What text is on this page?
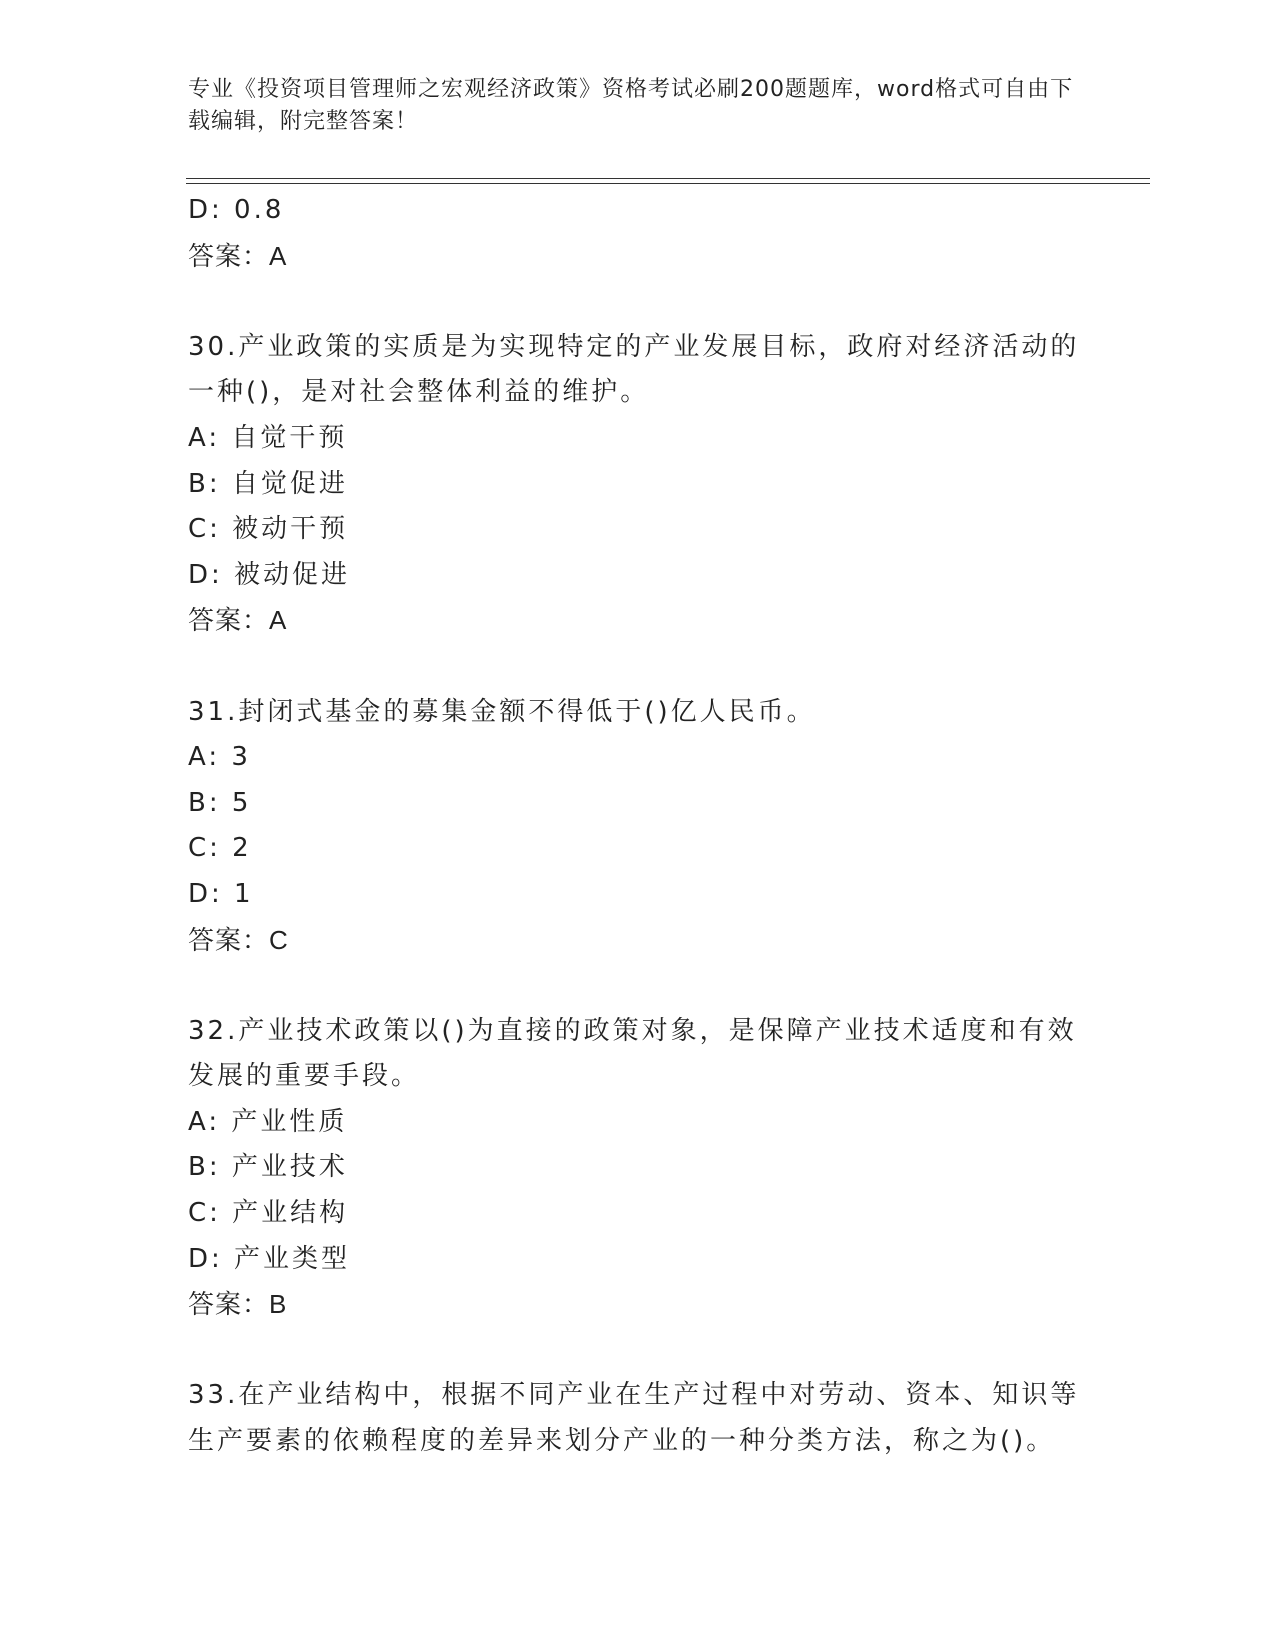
专业《投资项目管理师之宏观经济政策》资格考试必刷200题题库，word格式可自由下载编辑，附完整答案！
D: 0.8
答案：A
30.产业政策的实质是为实现特定的产业发展目标，政府对经济活动的一种()，是对社会整体利益的维护。
A: 自觉干预
B: 自觉促进
C: 被动干预
D: 被动促进
答案：A
31.封闭式基金的募集金额不得低于()亿人民币。
A: 3
B: 5
C: 2
D: 1
答案：C
32.产业技术政策以()为直接的政策对象，是保障产业技术适度和有效发展的重要手段。
A: 产业性质
B: 产业技术
C: 产业结构
D: 产业类型
答案：B
33.在产业结构中，根据不同产业在生产过程中对劳动、资本、知识等生产要素的依赖程度的差异来划分产业的一种分类方法，称之为()。
